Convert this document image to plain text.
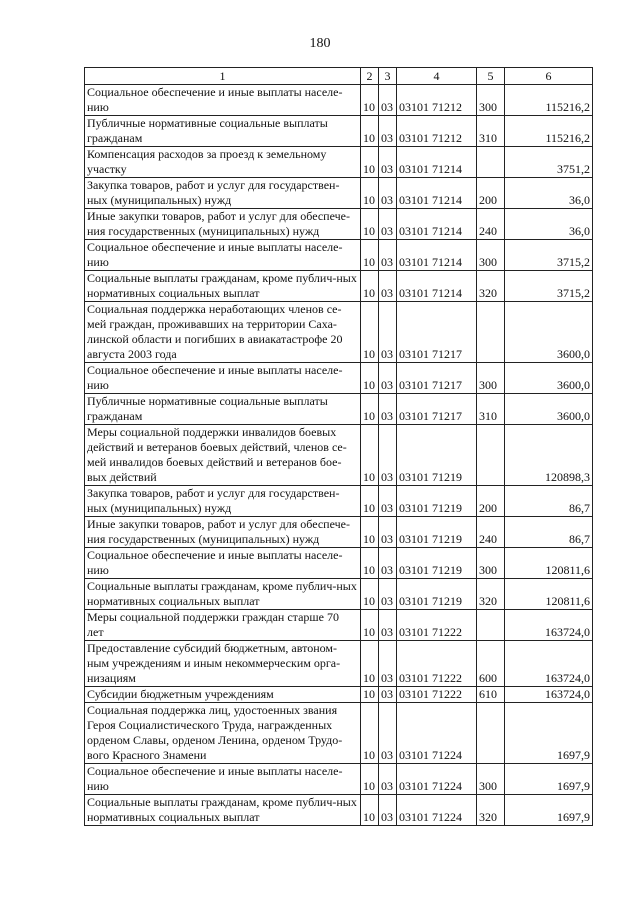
180
1	2	3	4	5	6
Социальное обеспечение и иные выплаты населе-нию	10	03	03101 71212	300	115216,2
Публичные нормативные социальные выплаты гражданам	10	03	03101 71212	310	115216,2
Компенсация расходов за проезд к земельному участку	10	03	03101 71214		3751,2
Закупка товаров, работ и услуг для государствен-ных (муниципальных) нужд	10	03	03101 71214	200	36,0
Иные закупки товаров, работ и услуг для обеспече-ния государственных (муниципальных) нужд	10	03	03101 71214	240	36,0
Социальное обеспечение и иные выплаты населе-нию	10	03	03101 71214	300	3715,2
Социальные выплаты гражданам, кроме публич-ных нормативных социальных выплат	10	03	03101 71214	320	3715,2
Социальная поддержка неработающих членов се-мей граждан, проживавших на территории Саха-линской области и погибших в авиакатастрофе 20 августа 2003 года	10	03	03101 71217		3600,0
Социальное обеспечение и иные выплаты населе-нию	10	03	03101 71217	300	3600,0
Публичные нормативные социальные выплаты гражданам	10	03	03101 71217	310	3600,0
Меры социальной поддержки инвалидов боевых действий и ветеранов боевых действий, членов се-мей инвалидов боевых действий и ветеранов бое-вых действий	10	03	03101 71219		120898,3
Закупка товаров, работ и услуг для государствен-ных (муниципальных) нужд	10	03	03101 71219	200	86,7
Иные закупки товаров, работ и услуг для обеспече-ния государственных (муниципальных) нужд	10	03	03101 71219	240	86,7
Социальное обеспечение и иные выплаты населе-нию	10	03	03101 71219	300	120811,6
Социальные выплаты гражданам, кроме публич-ных нормативных социальных выплат	10	03	03101 71219	320	120811,6
Меры социальной поддержки граждан старше 70 лет	10	03	03101 71222		163724,0
Предоставление субсидий бюджетным, автоном-ным учреждениям и иным некоммерческим орга-низациям	10	03	03101 71222	600	163724,0
Субсидии бюджетным учреждениям	10	03	03101 71222	610	163724,0
Социальная поддержка лиц, удостоенных звания Героя Социалистического Труда, награжденных орденом Славы, орденом Ленина, орденом Трудо-вого Красного Знамени	10	03	03101 71224		1697,9
Социальное обеспечение и иные выплаты населе-нию	10	03	03101 71224	300	1697,9
Социальные выплаты гражданам, кроме публич-ных нормативных социальных выплат	10	03	03101 71224	320	1697,9
